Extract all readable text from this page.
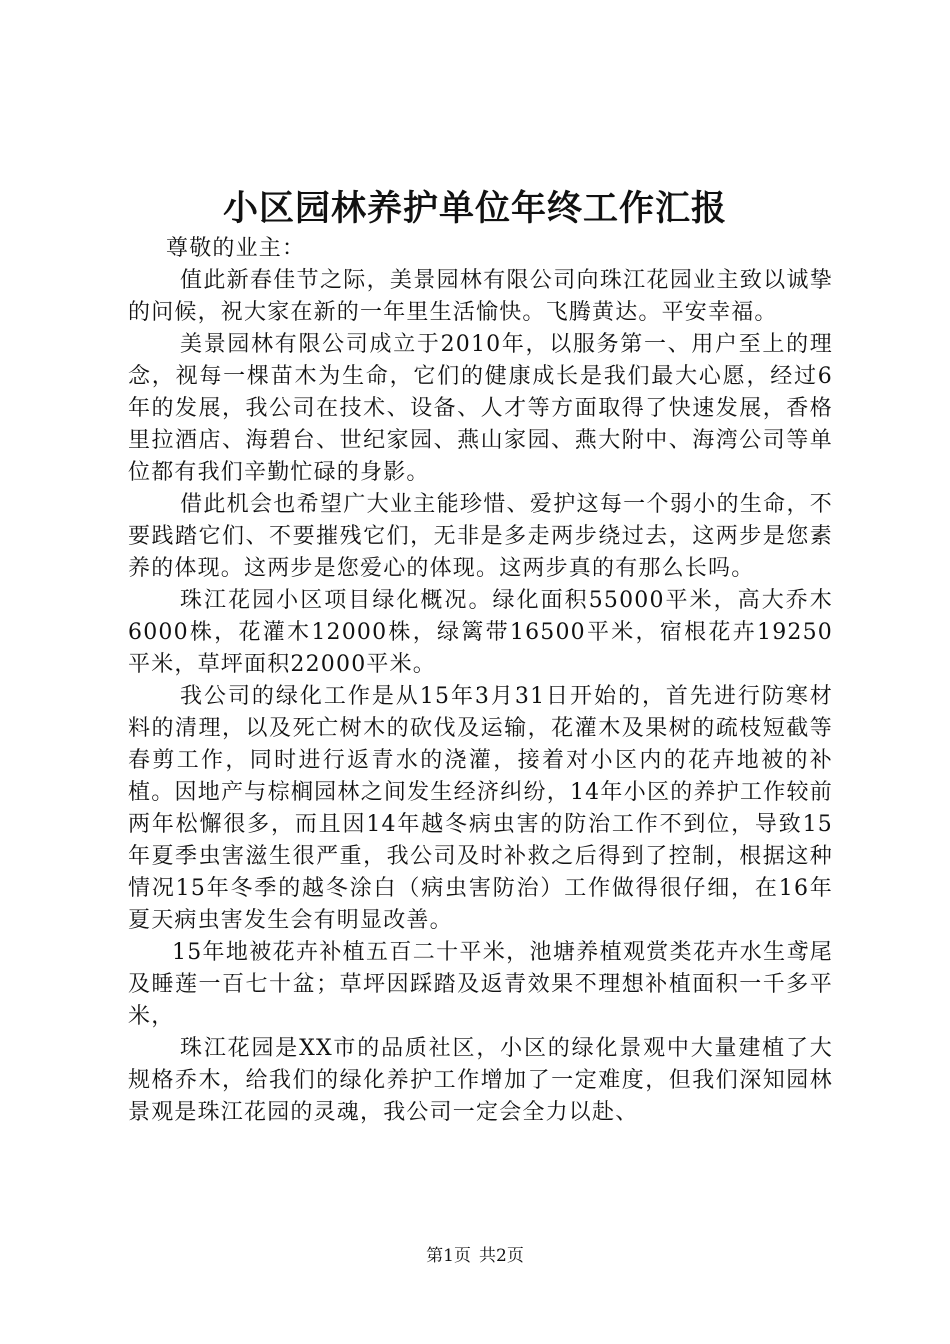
小区园林养护单位年终工作汇报

尊敬的业主：

值此新春佳节之际，美景园林有限公司向珠江花园业主致以诚挚的问候，祝大家在新的一年里生活愉快。飞腾黄达。平安幸福。

美景园林有限公司成立于2010年，以服务第一、用户至上的理念，视每一棵苗木为生命，它们的健康成长是我们最大心愿，经过6年的发展，我公司在技术、设备、人才等方面取得了快速发展，香格里拉酒店、海碧台、世纪家园、燕山家园、燕大附中、海湾公司等单位都有我们辛勤忙碌的身影。

借此机会也希望广大业主能珍惜、爱护这每一个弱小的生命，不要践踏它们、不要摧残它们，无非是多走两步绕过去，这两步是您素养的体现。这两步是您爱心的体现。这两步真的有那么长吗。

珠江花园小区项目绿化概况。绿化面积55000平米，高大乔木6000株，花灌木12000株，绿篱带16500平米，宿根花卉19250平米，草坪面积22000平米。

我公司的绿化工作是从15年3月31日开始的，首先进行防寒材料的清理，以及死亡树木的砍伐及运输，花灌木及果树的疏枝短截等春剪工作，同时进行返青水的浇灌，接着对小区内的花卉地被的补植。因地产与棕榈园林之间发生经济纠纷，14年小区的养护工作较前两年松懈很多，而且因14年越冬病虫害的防治工作不到位，导致15年夏季虫害滋生很严重，我公司及时补救之后得到了控制，根据这种情况15年冬季的越冬涂白（病虫害防治）工作做得很仔细，在16年夏天病虫害发生会有明显改善。

15年地被花卉补植五百二十平米，池塘养植观赏类花卉水生鸢尾及睡莲一百七十盆；草坪因踩踏及返青效果不理想补植面积一千多平米，

珠江花园是XX市的品质社区，小区的绿化景观中大量建植了大规格乔木，给我们的绿化养护工作增加了一定难度，但我们深知园林景观是珠江花园的灵魂，我公司一定会全力以赴、

第1页 共2页
